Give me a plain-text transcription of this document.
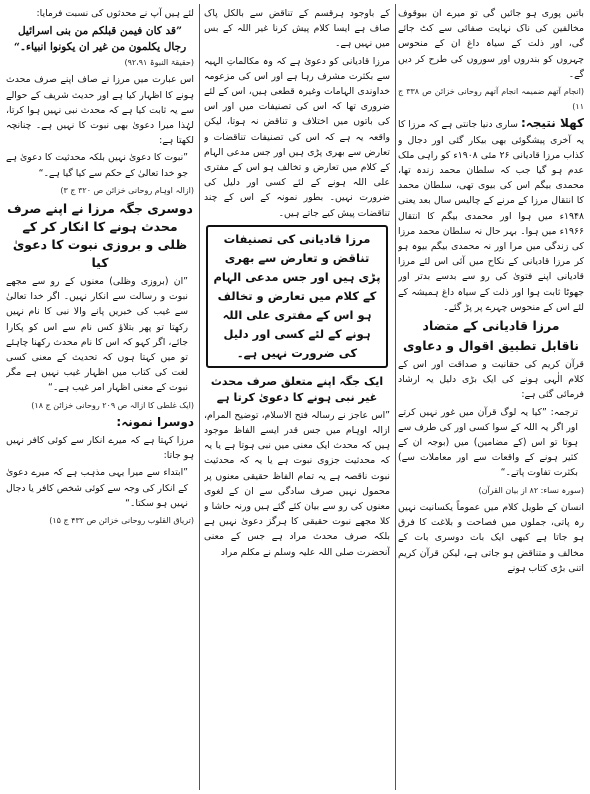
باتیں پوری ہو جائیں گی تو میرے ان بیوقوف مخالفین کی ناک نہایت صفائی سے کٹ جائے گی، اور ذلت کے سیاہ داغ ان کے منحوس چہروں کو بندروں اور سوروں کی طرح کر دیں گے۔

(انجام آتھم ضمیمہ انجام آتھم روحانی خزائن ص ۳۳۸ ج ۱۱)

کھلا نتیجہ: ساری دنیا جانتی ہے کہ مرزا کا یہ آخری پیشگوئی بھی بیکار گئی اور دجال و کذاب مرزا قادیانی ۲۶ مئی ۱۹۰۸ء کو راہی ملک عدم ہو گیا جب کہ سلطان محمد زندہ تھا، محمدی بیگم اس کی بیوی تھی، سلطان محمد کا انتقال مرزا کے مرنے کے چالیس سال بعد یعنی ۱۹۴۸ء میں ہوا اور محمدی بیگم کا انتقال ۱۹۶۶ء میں ہوا۔ بہر حال نہ سلطان محمد مرزا کی زندگی میں مرا اور نہ محمدی بیگم بیوہ ہو کر مرزا قادیانی کے نکاح میں آئی اس لئے مرزا قادیانی اپنے فتویٰ کی رو سے بدسے بدتر اور جھوٹا ثابت ہوا اور ذلت کے سیاہ داغ ہمیشہ کے لئے اس کے منحوس چہرے پر پڑ گئے۔

مرزا قادیانی کے متضاد
ناقابل تطبیق اقوال و دعاوی

قرآن کریم کی حقانیت و صداقت اور اس کے کلام الٰہی ہونے کی ایک بڑی دلیل یہ ارشاد فرمائی گئی ہے:

ترجمہ: ”کیا یہ لوگ قرآن میں غور نہیں کرتے اور اگر یہ اللہ کے سوا کسی اور کی طرف سے ہوتا تو اس (کے مضامین) میں (بوجہ ان کے کثیر ہونے کے واقعات سے اور معاملات سے) بکثرت تفاوت پاتے۔“

(سورہ نساء: ۸۲ از بیان القرآن)

انسان کے طویل کلام میں عموماً یکسانیت نہیں رہ پاتی، جملوں میں فصاحت و بلاغت کا فرق ہو جاتا ہے کبھی ایک بات دوسری بات کے مخالف و متناقض ہو جاتی ہے، لیکن قرآن کریم اتنی بڑی کتاب ہونے

کے باوجود ہرقسم کے تناقض سے بالکل پاک صاف ہے ایسا کلام پیش کرنا غیر اللہ کے بس میں نہیں ہے۔

مرزا قادیانی کو دعویٰ ہے کہ وہ مکالماتِ الہیہ سے بکثرت مشرف رہا ہے اور اس کی مزعومہ خداوندی الہامات وغیرہ قطعی ہیں، اس کے لئے ضروری تھا کہ اس کی تصنیفات میں اور اس کی باتوں میں اختلاف و تناقض نہ ہوتا، لیکن واقعہ یہ ہے کہ اس کی تصنیفات تناقضات و تعارض سے بھری پڑی ہیں اور جس مدعی الہام کے کلام میں تعارض و تخالف ہو اس کے مفتری علی اللہ ہونے کے لئے کسی اور دلیل کی ضرورت نہیں۔ بطور نمونہ کے اس کے چند تناقضات پیش کیے جاتے ہیں۔

مرزا قادیانی کی تصنیفات تناقض و تعارض سے بھری پڑی ہیں اور جس مدعی الہام کے کلام میں تعارض و تخالف ہو اس کے مفتری علی اللہ ہونے کے لئے کسی اور دلیل کی ضرورت نہیں ہے۔
ایک جگہ اپنے متعلق صرف محدث غیر نبی ہونے کا دعویٰ کرتا ہے

”اس عاجز نے رسالہ فتح الاسلام، توضیح المرام، ازالہ اوہام میں جس قدر ایسے الفاظ موجود ہیں کہ محدث ایک معنی میں نبی ہوتا ہے یا یہ کہ محدثیت جزوی نبوت ہے یا یہ کہ محدثیت نبوت ناقصہ ہے یہ تمام الفاظ حقیقی معنوں پر محمول نہیں صرف سادگی سے ان کے لغوی معنوں کی رو سے بیان کئے گئے ہیں ورنہ حاشا و کلا مجھے نبوت حقیقی کا ہرگز دعویٰ نہیں ہے بلکہ صرف محدث مراد ہے جس کے معنی آنحضرت صلی اللہ علیہ وسلم نے مکلم مراد

لئے ہیں آپ نے محدثوں کی نسبت فرمایا:

”قد کان فیمن قبلکم من بنی اسرائیل رجال یکلمون من غیر ان یکونوا انبیاء۔“
(حقیقۃ النبوۃ ۹۲،۹۱)

اس عبارت میں مرزا نے صاف اپنے صرف محدث ہونے کا اظہار کیا ہے اور حدیث شریف کے حوالے سے یہ ثابت کیا ہے کہ محدث نبی نہیں ہوا کرتا، لہٰذا میرا دعویٰ بھی نبوت کا نہیں ہے۔ چنانچہ لکھتا ہے:

”نبوت کا دعویٰ نہیں بلکہ محدثیت کا دعویٰ ہے جو خدا تعالیٰ کے حکم سے کیا گیا ہے۔“

(ازالہ اوہام روحانی خزائن ص ۳۲۰ ج ۳)
دوسری جگہ مرزا نے اپنے صرف محدث ہونے کا انکار کر کے ظلی و بروزی نبوت کا دعویٰ کیا

”ان (بروزی وظلی) معنوں کے رو سے مجھے نبوت و رسالت سے انکار نہیں۔ اگر خدا تعالیٰ سے غیب کی خبریں پانے والا نبی کا نام نہیں رکھتا تو پھر بتلاؤ کس نام سے اس کو پکارا جائے، اگر کہو کہ اس کا نام محدث رکھنا چاہئے تو میں کہتا ہوں کہ تحدیث کے معنی کسی لغت کی کتاب میں اظہار غیب نہیں ہے مگر نبوت کے معنی اظہار امر غیب ہے۔“

(ایک غلطی کا ازالہ ص ۲۰۹ روحانی خزائن ج ۱۸)

دوسرا نمونہ:

مرزا کہتا ہے کہ میرے انکار سے کوئی کافر نہیں ہو جاتا:

”ابتداء سے میرا یہی مذہب ہے کہ میرے دعویٰ کے انکار کی وجہ سے کوئی شخص کافر یا دجال نہیں ہو سکتا۔“

(تریاق القلوب روحانی خزائن ص ۴۳۲ ج ۱۵)
